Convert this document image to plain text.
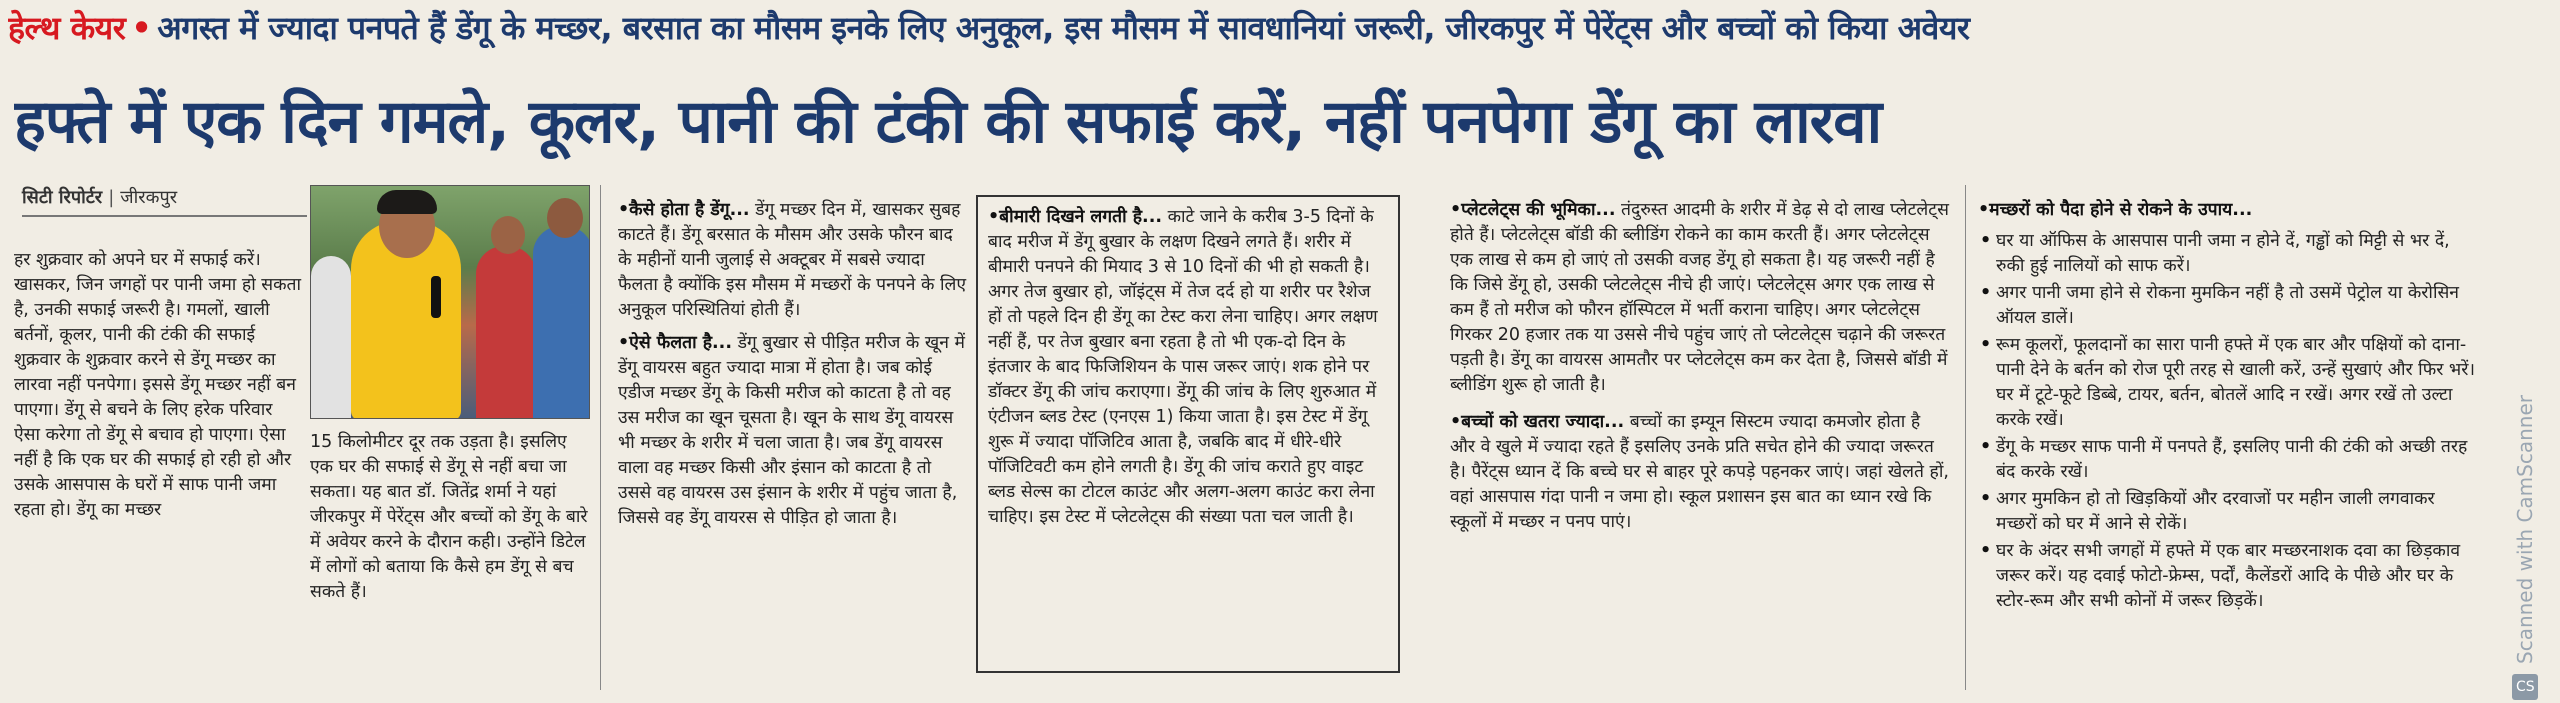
हेल्थ केयर • अगस्त में ज्यादा पनपते हैं डेंगू के मच्छर, बरसात का मौसम इनके लिए अनुकूल, इस मौसम में सावधानियां जरूरी, जीरकपुर में पेरेंट्स और बच्चों को किया अवेयर
हफ्ते में एक दिन गमले, कूलर, पानी की टंकी की सफाई करें, नहीं पनपेगा डेंगू का लारवा
सिटी रिपोर्टर | जीरकपुर

हर शुक्रवार को अपने घर में सफाई करें। खासकर, जिन जगहों पर पानी जमा हो सकता है, उनकी सफाई जरूरी है। गमलों, खाली बर्तनों, कूलर, पानी की टंकी की सफाई शुक्रवार के शुक्रवार करने से डेंगू मच्छर का लारवा नहीं पनपेगा। इससे डेंगू मच्छर नहीं बन पाएगा। डेंगू से बचने के लिए हरेक परिवार ऐसा करेगा तो डेंगू से बचाव हो पाएगा। ऐसा नहीं है कि एक घर की सफाई हो रही हो और उसके आसपास के घरों में साफ पानी जमा रहता हो। डेंगू का मच्छर

15 किलोमीटर दूर तक उड़ता है। इसलिए एक घर की सफाई से डेंगू से नहीं बचा जा सकता। यह बात डॉ. जितेंद्र शर्मा ने यहां जीरकपुर में पेरेंट्स और बच्चों को डेंगू के बारे में अवेयर करने के दौरान कही। उन्होंने डिटेल में लोगों को बताया कि कैसे हम डेंगू से बच सकते हैं।

•कैसे होता है डेंगू... डेंगू मच्छर दिन में, खासकर सुबह काटते हैं। डेंगू बरसात के मौसम और उसके फौरन बाद के महीनों यानी जुलाई से अक्टूबर में सबसे ज्यादा फैलता है क्योंकि इस मौसम में मच्छरों के पनपने के लिए अनुकूल परिस्थितियां होती हैं।

•ऐसे फैलता है... डेंगू बुखार से पीड़ित मरीज के खून में डेंगू वायरस बहुत ज्यादा मात्रा में होता है। जब कोई एडीज मच्छर डेंगू के किसी मरीज को काटता है तो वह उस मरीज का खून चूसता है। खून के साथ डेंगू वायरस भी मच्छर के शरीर में चला जाता है। जब डेंगू वायरस वाला वह मच्छर किसी और इंसान को काटता है तो उससे वह वायरस उस इंसान के शरीर में पहुंच जाता है, जिससे वह डेंगू वायरस से पीड़ित हो जाता है।

•बीमारी दिखने लगती है... काटे जाने के करीब 3-5 दिनों के बाद मरीज में डेंगू बुखार के लक्षण दिखने लगते हैं। शरीर में बीमारी पनपने की मियाद 3 से 10 दिनों की भी हो सकती है। अगर तेज बुखार हो, जॉइंट्स में तेज दर्द हो या शरीर पर रैशेज हों तो पहले दिन ही डेंगू का टेस्ट करा लेना चाहिए। अगर लक्षण नहीं हैं, पर तेज बुखार बना रहता है तो भी एक-दो दिन के इंतजार के बाद फिजिशियन के पास जरूर जाएं। शक होने पर डॉक्टर डेंगू की जांच कराएगा। डेंगू की जांच के लिए शुरुआत में एंटीजन ब्लड टेस्ट (एनएस 1) किया जाता है। इस टेस्ट में डेंगू शुरू में ज्यादा पॉजिटिव आता है, जबकि बाद में धीरे-धीरे पॉजिटिवटी कम होने लगती है। डेंगू की जांच कराते हुए वाइट ब्लड सेल्स का टोटल काउंट और अलग-अलग काउंट करा लेना चाहिए। इस टेस्ट में प्लेटलेट्स की संख्या पता चल जाती है।

•प्लेटलेट्स की भूमिका... तंदुरुस्त आदमी के शरीर में डेढ़ से दो लाख प्लेटलेट्स होते हैं। प्लेटलेट्स बॉडी की ब्लीडिंग रोकने का काम करती हैं। अगर प्लेटलेट्स एक लाख से कम हो जाएं तो उसकी वजह डेंगू हो सकता है। यह जरूरी नहीं है कि जिसे डेंगू हो, उसकी प्लेटलेट्स नीचे ही जाएं। प्लेटलेट्स अगर एक लाख से कम हैं तो मरीज को फौरन हॉस्पिटल में भर्ती कराना चाहिए। अगर प्लेटलेट्स गिरकर 20 हजार तक या उससे नीचे पहुंच जाएं तो प्लेटलेट्स चढ़ाने की जरूरत पड़ती है। डेंगू का वायरस आमतौर पर प्लेटलेट्स कम कर देता है, जिससे बॉडी में ब्लीडिंग शुरू हो जाती है।

•बच्चों को खतरा ज्यादा... बच्चों का इम्यून सिस्टम ज्यादा कमजोर होता है और वे खुले में ज्यादा रहते हैं इसलिए उनके प्रति सचेत होने की ज्यादा जरूरत है। पैरेंट्स ध्यान दें कि बच्चे घर से बाहर पूरे कपड़े पहनकर जाएं। जहां खेलते हों, वहां आसपास गंदा पानी न जमा हो। स्कूल प्रशासन इस बात का ध्यान रखे कि स्कूलों में मच्छर न पनप पाएं।

•मच्छरों को पैदा होने से रोकने के उपाय...

• घर या ऑफिस के आसपास पानी जमा न होने दें, गड्ढों को मिट्टी से भर दें, रुकी हुई नालियों को साफ करें।
• अगर पानी जमा होने से रोकना मुमकिन नहीं है तो उसमें पेट्रोल या केरोसिन ऑयल डालें।
• रूम कूलरों, फूलदानों का सारा पानी हफ्ते में एक बार और पक्षियों को दाना-पानी देने के बर्तन को रोज पूरी तरह से खाली करें, उन्हें सुखाएं और फिर भरें। घर में टूटे-फूटे डिब्बे, टायर, बर्तन, बोतलें आदि न रखें। अगर रखें तो उल्टा करके रखें।
• डेंगू के मच्छर साफ पानी में पनपते हैं, इसलिए पानी की टंकी को अच्छी तरह बंद करके रखें।
• अगर मुमकिन हो तो खिड़कियों और दरवाजों पर महीन जाली लगवाकर मच्छरों को घर में आने से रोकें।
• घर के अंदर सभी जगहों में हफ्ते में एक बार मच्छरनाशक दवा का छिड़काव जरूर करें। यह दवाई फोटो-फ्रेम्स, पर्दों, कैलेंडरों आदि के पीछे और घर के स्टोर-रूम और सभी कोनों में जरूर छिड़कें।
CS
Scanned with CamScanner
